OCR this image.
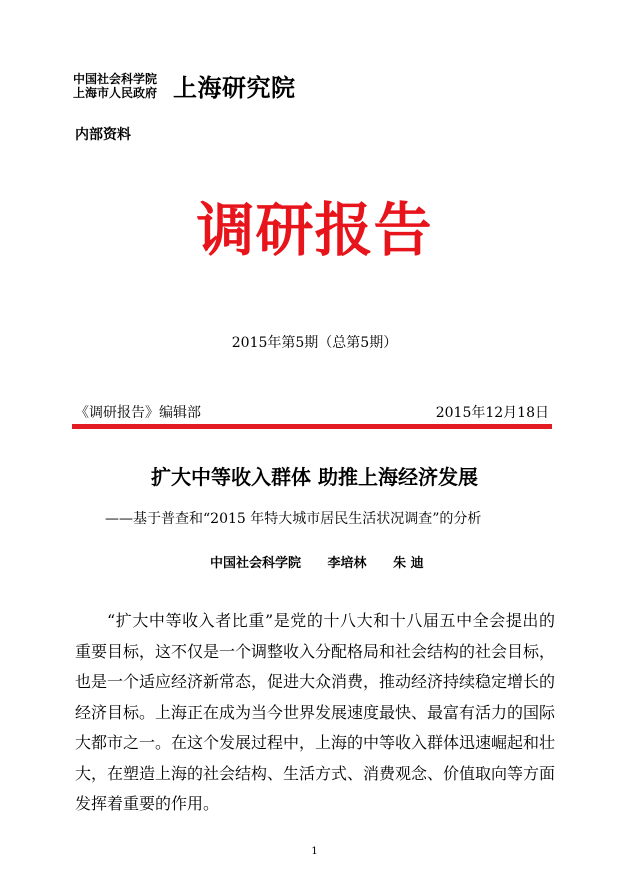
中国社会科学院
上海市人民政府 上海研究院
内部资料
调研报告
2015年第5期（总第5期）
《调研报告》编辑部	2015年12月18日
扩大中等收入群体 助推上海经济发展
——基于普查和“2015 年特大城市居民生活状况调查”的分析
中国社会科学院 李培林 朱 迪

“扩大中等收入者比重”是党的十八大和十八届五中全会提出的重要目标，这不仅是一个调整收入分配格局和社会结构的社会目标，也是一个适应经济新常态，促进大众消费，推动经济持续稳定增长的经济目标。上海正在成为当今世界发展速度最快、最富有活力的国际大都市之一。在这个发展过程中，上海的中等收入群体迅速崛起和壮大，在塑造上海的社会结构、生活方式、消费观念、价值取向等方面发挥着重要的作用。

1
